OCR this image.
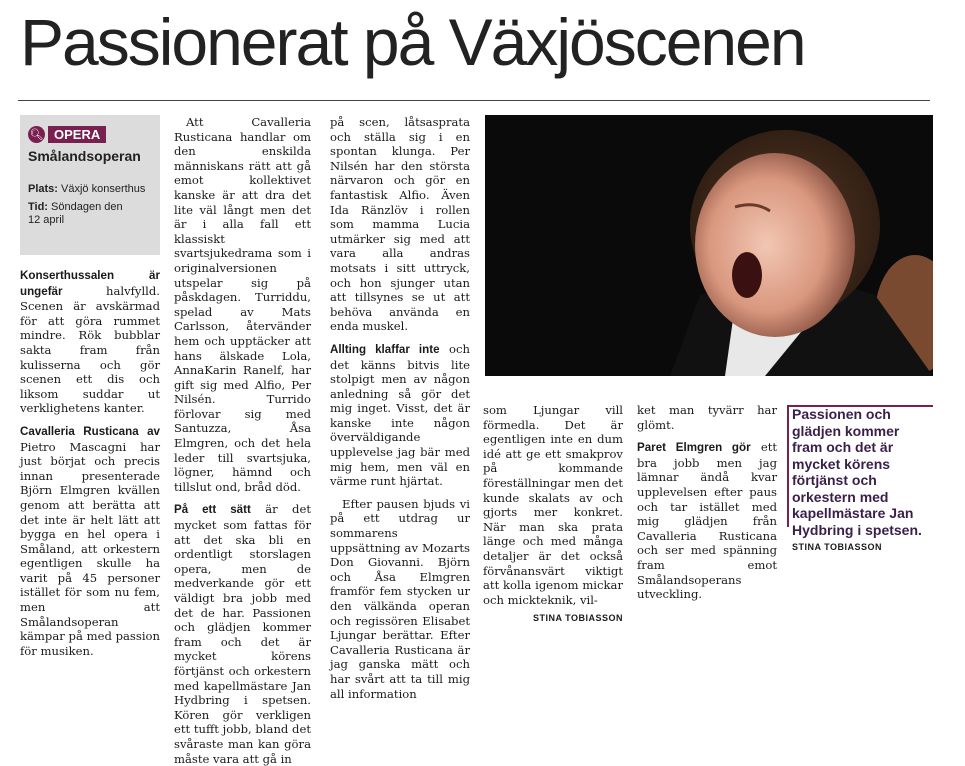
Passionerat på Växjöscenen
🔍︎ OPERA
Smålandsoperan
Plats: Växjö konserthus
Tid: Söndagen den
12 april

Konserthussalen är ungefär	halvfylld. Scenen är avskärmad för att göra rummet mindre. Rök bubblar sakta fram från kulisserna och gör scenen ett dis och liksom suddar ut verklighetens kanter.

Cavalleria Rusticana av Pietro Mascagni har just börjat och precis innan presenterade Björn Elmgren kvällen genom att berätta att det inte är helt lätt att bygga en hel opera i Småland, att orkestern egentligen skulle ha varit på 45 personer istället för som nu fem, men att Smålandsoperan kämpar på med passion för musiken.

Att Cavalleria Rusticana handlar om den enskilda människans rätt att gå emot kollektivet kanske är att dra det lite väl långt men det är i alla fall ett klassiskt svartsjukedrama som i originalversionen utspelar sig på påskdagen. Turriddu, spelad av Mats Carlsson, återvänder hem och upptäcker att hans älskade Lola, AnnaKarin Ranelf, har gift sig med Alfio, Per Nilsén. Turrido förlovar sig med Santuzza, Åsa Elmgren, och det hela leder till svartsjuka, lögner, hämnd och tillslut ond, bråd död.

På ett sätt är det mycket som fattas för att det ska bli en ordentligt storslagen opera, men de medverkande gör ett väldigt bra jobb med det de har. Passionen och glädjen kommer fram och det är mycket körens förtjänst och orkestern med kapellmästare Jan Hydbring i spetsen. Kören gör verkligen ett tufft jobb, bland det svåraste man kan göra måste vara att gå in

på scen, låtsasprata och ställa sig i en spontan klunga. Per Nilsén har den största närvaron och gör en fantastisk Alfio. Även Ida Ränzlöv i rollen som mamma Lucia utmärker sig med att vara alla andras motsats i sitt uttryck, och hon sjunger utan att tillsynes se ut att behöva använda en enda muskel.

Allting klaffar inte och det känns bitvis lite stolpigt men av någon anledning så gör det mig inget. Visst, det är kanske inte någon överväldigande upplevelse jag bär med mig hem, men väl en värme runt hjärtat.

Efter pausen bjuds vi på ett utdrag ur sommarens uppsättning av Mozarts Don Giovanni. Björn och Åsa Elmgren framför fem stycken ur den välkända operan och regissören Elisabet Ljungar berättar. Efter Cavalleria Rusticana är jag ganska mätt och har svårt att ta till mig all information

som Ljungar vill förmedla. Det är egentligen inte en dum idé att ge ett smakprov på kommande föreställningar men det kunde skalats av och gjorts mer konkret. När man ska prata länge och med många detaljer är det också förvånansvärt viktigt att kolla igenom mickar och mickteknik, vil-

STINA TOBIASSON

ket man tyvärr har glömt.

Paret Elmgren gör ett bra jobb men jag lämnar ändå kvar upplevelsen efter paus och tar istället med mig glädjen från Cavalleria Rusticana och ser med spänning fram emot Smålandsoperans utveckling.

Passionen och glädjen kommer fram och det är mycket körens förtjänst och orkestern med kapellmästare Jan Hydbring i spetsen.
STINA TOBIASSON
